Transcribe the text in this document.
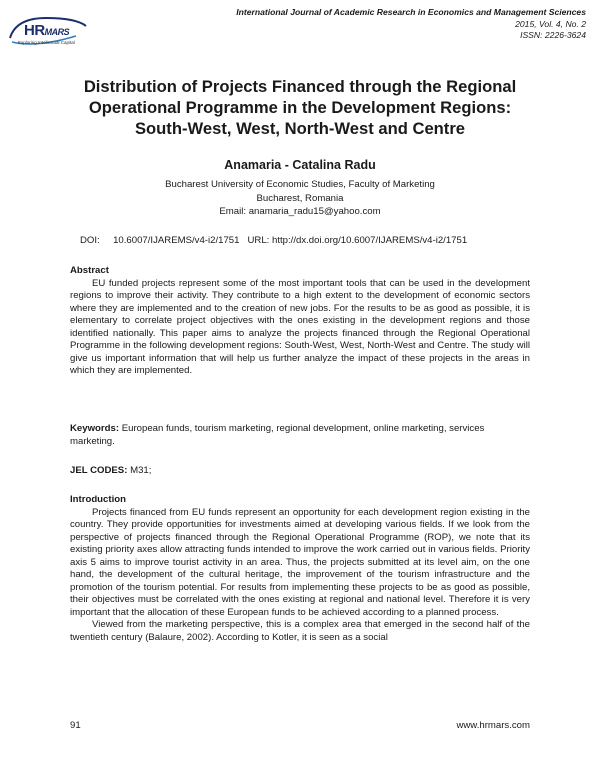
HRMARS
Exploring Intellectual Capital
International Journal of Academic Research in Economics and Management Sciences
2015, Vol. 4, No. 2
ISSN: 2226-3624
Distribution of Projects Financed through the Regional
Operational Programme in the Development Regions:
South-West, West, North-West and Centre
Anamaria - Catalina Radu
Bucharest University of Economic Studies, Faculty of Marketing
Bucharest, Romania
Email: anamaria_radu15@yahoo.com
DOI: 10.6007/IJAREMS/v4-i2/1751 URL: http://dx.doi.org/10.6007/IJAREMS/v4-i2/1751

Abstract

EU funded projects represent some of the most important tools that can be used in the development regions to improve their activity. They contribute to a high extent to the development of economic sectors where they are implemented and to the creation of new jobs. For the results to be as good as possible, it is elementary to correlate project objectives with the ones existing in the development regions and those identified nationally. This paper aims to analyze the projects financed through the Regional Operational Programme in the following development regions: South-West, West, North-West and Centre. The study will give us important information that will help us further analyze the impact of these projects in the areas in which they are implemented.

Keywords: European funds, tourism marketing, regional development, online marketing, services marketing.
JEL CODES: M31;

Introduction

Projects financed from EU funds represent an opportunity for each development region existing in the country. They provide opportunities for investments aimed at developing various fields. If we look from the perspective of projects financed through the Regional Operational Programme (ROP), we note that its existing priority axes allow attracting funds intended to improve the work carried out in various fields. Priority axis 5 aims to improve tourist activity in an area. Thus, the projects submitted at its level aim, on the one hand, the development of the cultural heritage, the improvement of the tourism infrastructure and the promotion of the tourism potential. For results from implementing these projects to be as good as possible, their objectives must be correlated with the ones existing at regional and national level. Therefore it is very important that the allocation of these European funds to be achieved according to a planned process.

Viewed from the marketing perspective, this is a complex area that emerged in the second half of the twentieth century (Balaure, 2002). According to Kotler, it is seen as a social

91	www.hrmars.com
